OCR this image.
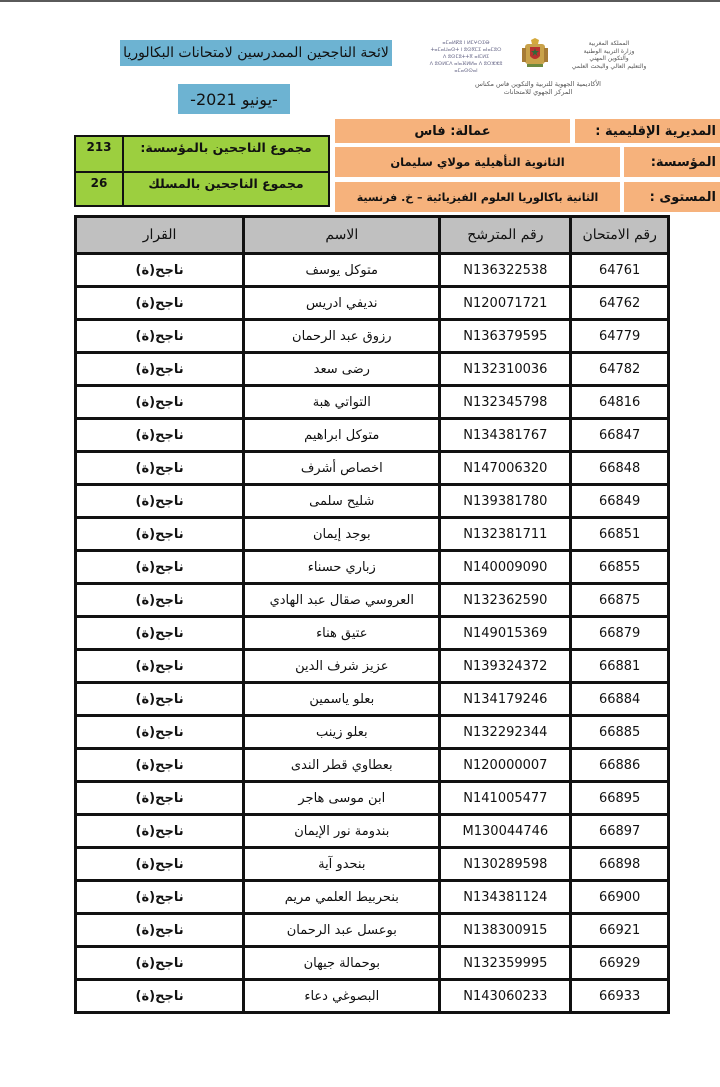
لائحة الناجحين الممدرسين لامتحانات البكالوريا
-يونيو 2021-
ⴰⵎⴰⵍⴽⵓ ⵏ ⵍⵎⵖⵔⵉⴱ
ⵜⴰⵎⴰⵡⴰⵙⵜ ⵏ ⵓⵙⴳⵎⵉ ⴰⵏⴰⵎⵓⵔ
ⴷ ⵓⵙⵎⵓⵜⵜⴳ ⴰⵏⵎⵍⵉ
ⴷ ⵓⵙⵍⵎⴷ ⴰⵏⴰⴼⵍⵍⴰ ⴷ ⵓⵔⵣⵣⵓ ⴰⵎⴰⵙⵙⴰⵏ
المملكة المغربية
وزارة التربية الوطنية
والتكوين المهني
والتعليم العالي والبحث العلمي
الأكاديمية الجهوية للتربية والتكوين فاس مكناس
المركز الجهوي للامتحانات
213	مجموع الناجحين بالمؤسسة:
26	مجموع الناجحين بالمسلك
عمالة: فاس	المديرية الإقليمية :
الثانوية التأهيلية مولاي سليمان	المؤسسة:
الثانية باكالوريا العلوم الفيزيائية – خ. فرنسية	المستوى :
القرار	الاسم	رقم المترشح	رقم الامتحان
ناجح(ة)	متوكل يوسف	N136322538	64761
ناجح(ة)	نديفي ادريس	N120071721	64762
ناجح(ة)	رزوق عبد الرحمان	N136379595	64779
ناجح(ة)	رضى سعد	N132310036	64782
ناجح(ة)	التواتي هبة	N132345798	64816
ناجح(ة)	متوكل ابراهيم	N134381767	66847
ناجح(ة)	اخصاص أشرف	N147006320	66848
ناجح(ة)	شليح سلمى	N139381780	66849
ناجح(ة)	بوجد إيمان	N132381711	66851
ناجح(ة)	زباري حسناء	N140009090	66855
ناجح(ة)	العروسي صقال عبد الهادي	N132362590	66875
ناجح(ة)	عتيق هناء	N149015369	66879
ناجح(ة)	عزيز شرف الدين	N139324372	66881
ناجح(ة)	بعلو ياسمين	N134179246	66884
ناجح(ة)	بعلو زينب	N132292344	66885
ناجح(ة)	بعطاوي قطر الندى	N120000007	66886
ناجح(ة)	ابن موسى هاجر	N141005477	66895
ناجح(ة)	بندومة نور الإيمان	M130044746	66897
ناجح(ة)	بنحدو آية	N130289598	66898
ناجح(ة)	بنحربيط العلمي مريم	N134381124	66900
ناجح(ة)	بوعسل عبد الرحمان	N138300915	66921
ناجح(ة)	بوحمالة جيهان	N132359995	66929
ناجح(ة)	البصوغي دعاء	N143060233	66933
